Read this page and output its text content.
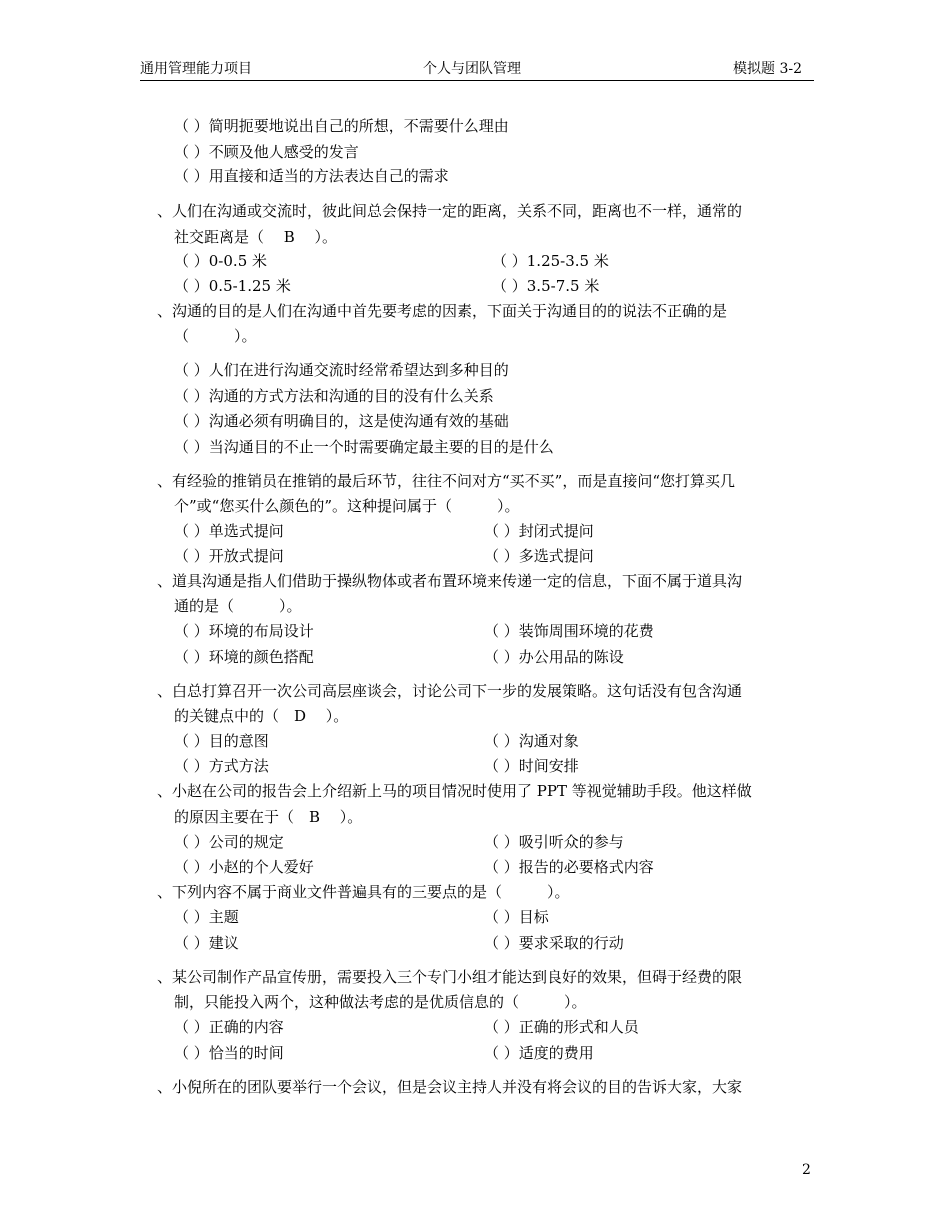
通用管理能力项目	个人与团队管理	模拟题 3-2
（ ）简明扼要地说出自己的所想，不需要什么理由
（ ）不顾及他人感受的发言
（ ）用直接和适当的方法表达自己的需求
、人们在沟通或交流时，彼此间总会保持一定的距离，关系不同，距离也不一样，通常的
社交距离是（　 B 　）。
（ ）0-0.5 米	（ ）1.25-3.5 米
（ ）0.5-1.25 米	（ ）3.5-7.5 米
、沟通的目的是人们在沟通中首先要考虑的因素，下面关于沟通目的的说法不正确的是
（　　　）。
（ ）人们在进行沟通交流时经常希望达到多种目的
（ ）沟通的方式方法和沟通的目的没有什么关系
（ ）沟通必须有明确目的，这是使沟通有效的基础
（ ）当沟通目的不止一个时需要确定最主要的目的是什么
、有经验的推销员在推销的最后环节，往往不问对方“买不买”，而是直接问“您打算买几
个”或“您买什么颜色的”。这种提问属于（　　　）。
（ ）单选式提问	（ ）封闭式提问
（ ）开放式提问	（ ）多选式提问
、道具沟通是指人们借助于操纵物体或者布置环境来传递一定的信息，下面不属于道具沟
通的是（　　　）。
（ ）环境的布局设计	（ ）装饰周围环境的花费
（ ）环境的颜色搭配	（ ）办公用品的陈设
、白总打算召开一次公司高层座谈会，讨论公司下一步的发展策略。这句话没有包含沟通
的关键点中的（　D 　）。
（ ）目的意图	（ ）沟通对象
（ ）方式方法	（ ）时间安排
、小赵在公司的报告会上介绍新上马的项目情况时使用了 PPT 等视觉辅助手段。他这样做
的原因主要在于（　B 　）。
（ ）公司的规定	（ ）吸引听众的参与
（ ）小赵的个人爱好	（ ）报告的必要格式内容
、下列内容不属于商业文件普遍具有的三要点的是（　　　）。
（ ）主题	（ ）目标
（ ）建议	（ ）要求采取的行动
、某公司制作产品宣传册，需要投入三个专门小组才能达到良好的效果，但碍于经费的限
制，只能投入两个，这种做法考虑的是优质信息的（　　　）。
（ ）正确的内容	（ ）正确的形式和人员
（ ）恰当的时间	（ ）适度的费用
、小倪所在的团队要举行一个会议，但是会议主持人并没有将会议的目的告诉大家，大家
2
